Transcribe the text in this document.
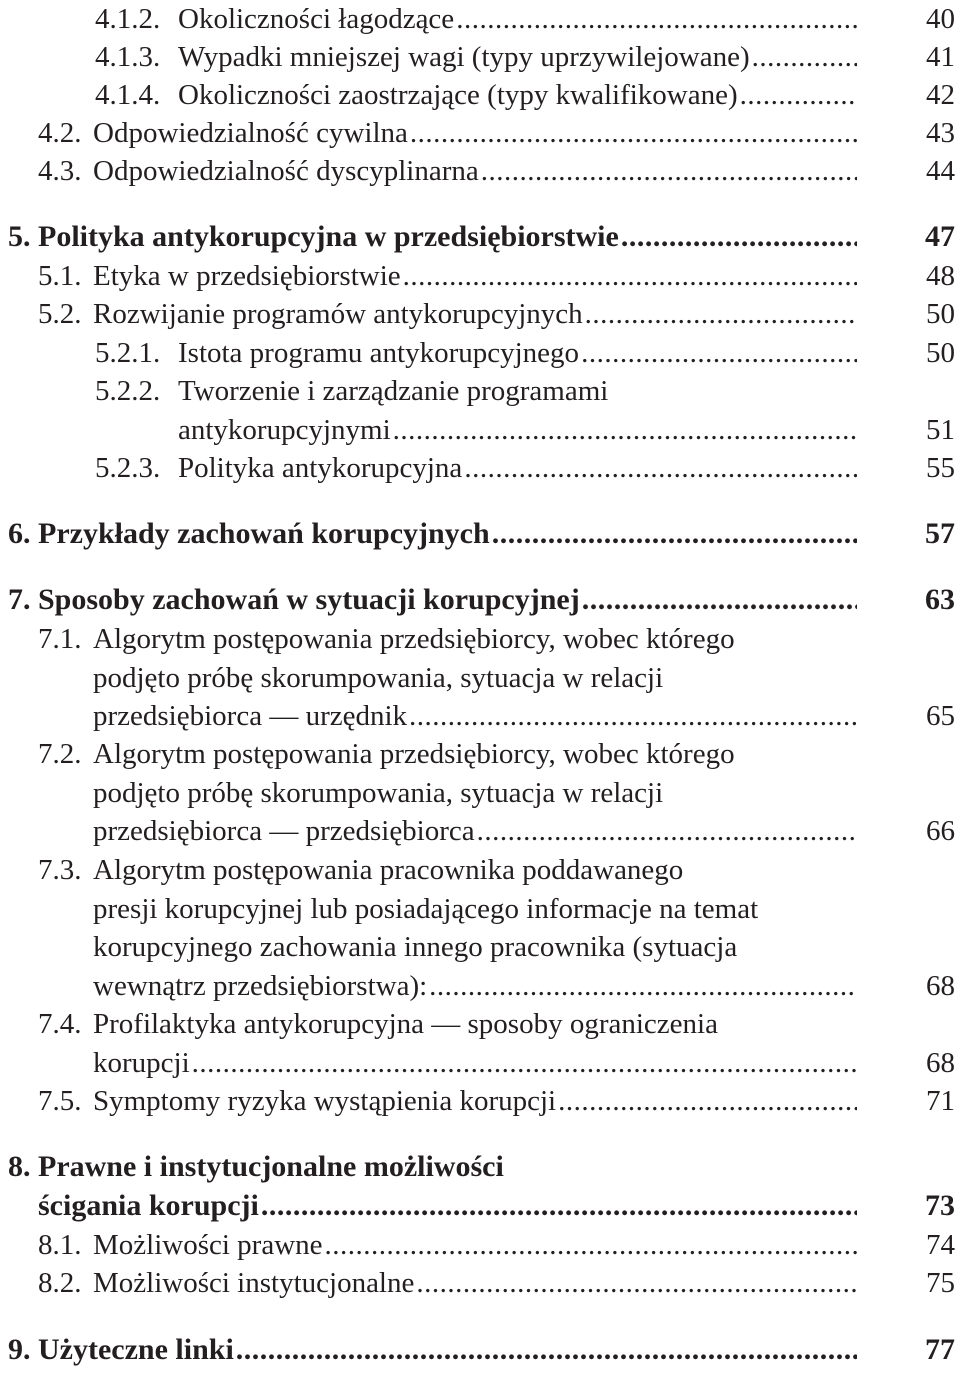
4.1.2. Okoliczności łagodzące .....	40
4.1.3. Wypadki mniejszej wagi (typy uprzywilejowane) .....	41
4.1.4. Okoliczności zaostrzające (typy kwalifikowane) .....	42
4.2. Odpowiedzialność cywilna .....	43
4.3. Odpowiedzialność dyscyplinarna .....	44
5. Polityka antykorupcyjna w przedsiębiorstwie .....	47
5.1. Etyka w przedsiębiorstwie .....	48
5.2. Rozwijanie programów antykorupcyjnych .....	50
5.2.1. Istota programu antykorupcyjnego .....	50
5.2.2. Tworzenie i zarządzanie programami
antykorupcyjnymi .....	51
5.2.3. Polityka antykorupcyjna .....	55
6. Przykłady zachowań korupcyjnych .....	57
7. Sposoby zachowań w sytuacji korupcyjnej .....	63
7.1. Algorytm postępowania przedsiębiorcy, wobec którego
podjęto próbę skorumpowania, sytuacja w relacji
przedsiębiorca — urzędnik .....	65
7.2. Algorytm postępowania przedsiębiorcy, wobec którego
podjęto próbę skorumpowania, sytuacja w relacji
przedsiębiorca — przedsiębiorca .....	66
7.3. Algorytm postępowania pracownika poddawanego
presji korupcyjnej lub posiadającego informacje na temat
korupcyjnego zachowania innego pracownika (sytuacja
wewnątrz przedsiębiorstwa): .....	68
7.4. Profilaktyka antykorupcyjna — sposoby ograniczenia
korupcji .....	68
7.5. Symptomy ryzyka wystąpienia korupcji .....	71
8. Prawne i instytucjonalne możliwości
ścigania korupcji .....	73
8.1. Możliwości prawne .....	74
8.2. Możliwości instytucjonalne .....	75
9. Użyteczne linki .....	77
